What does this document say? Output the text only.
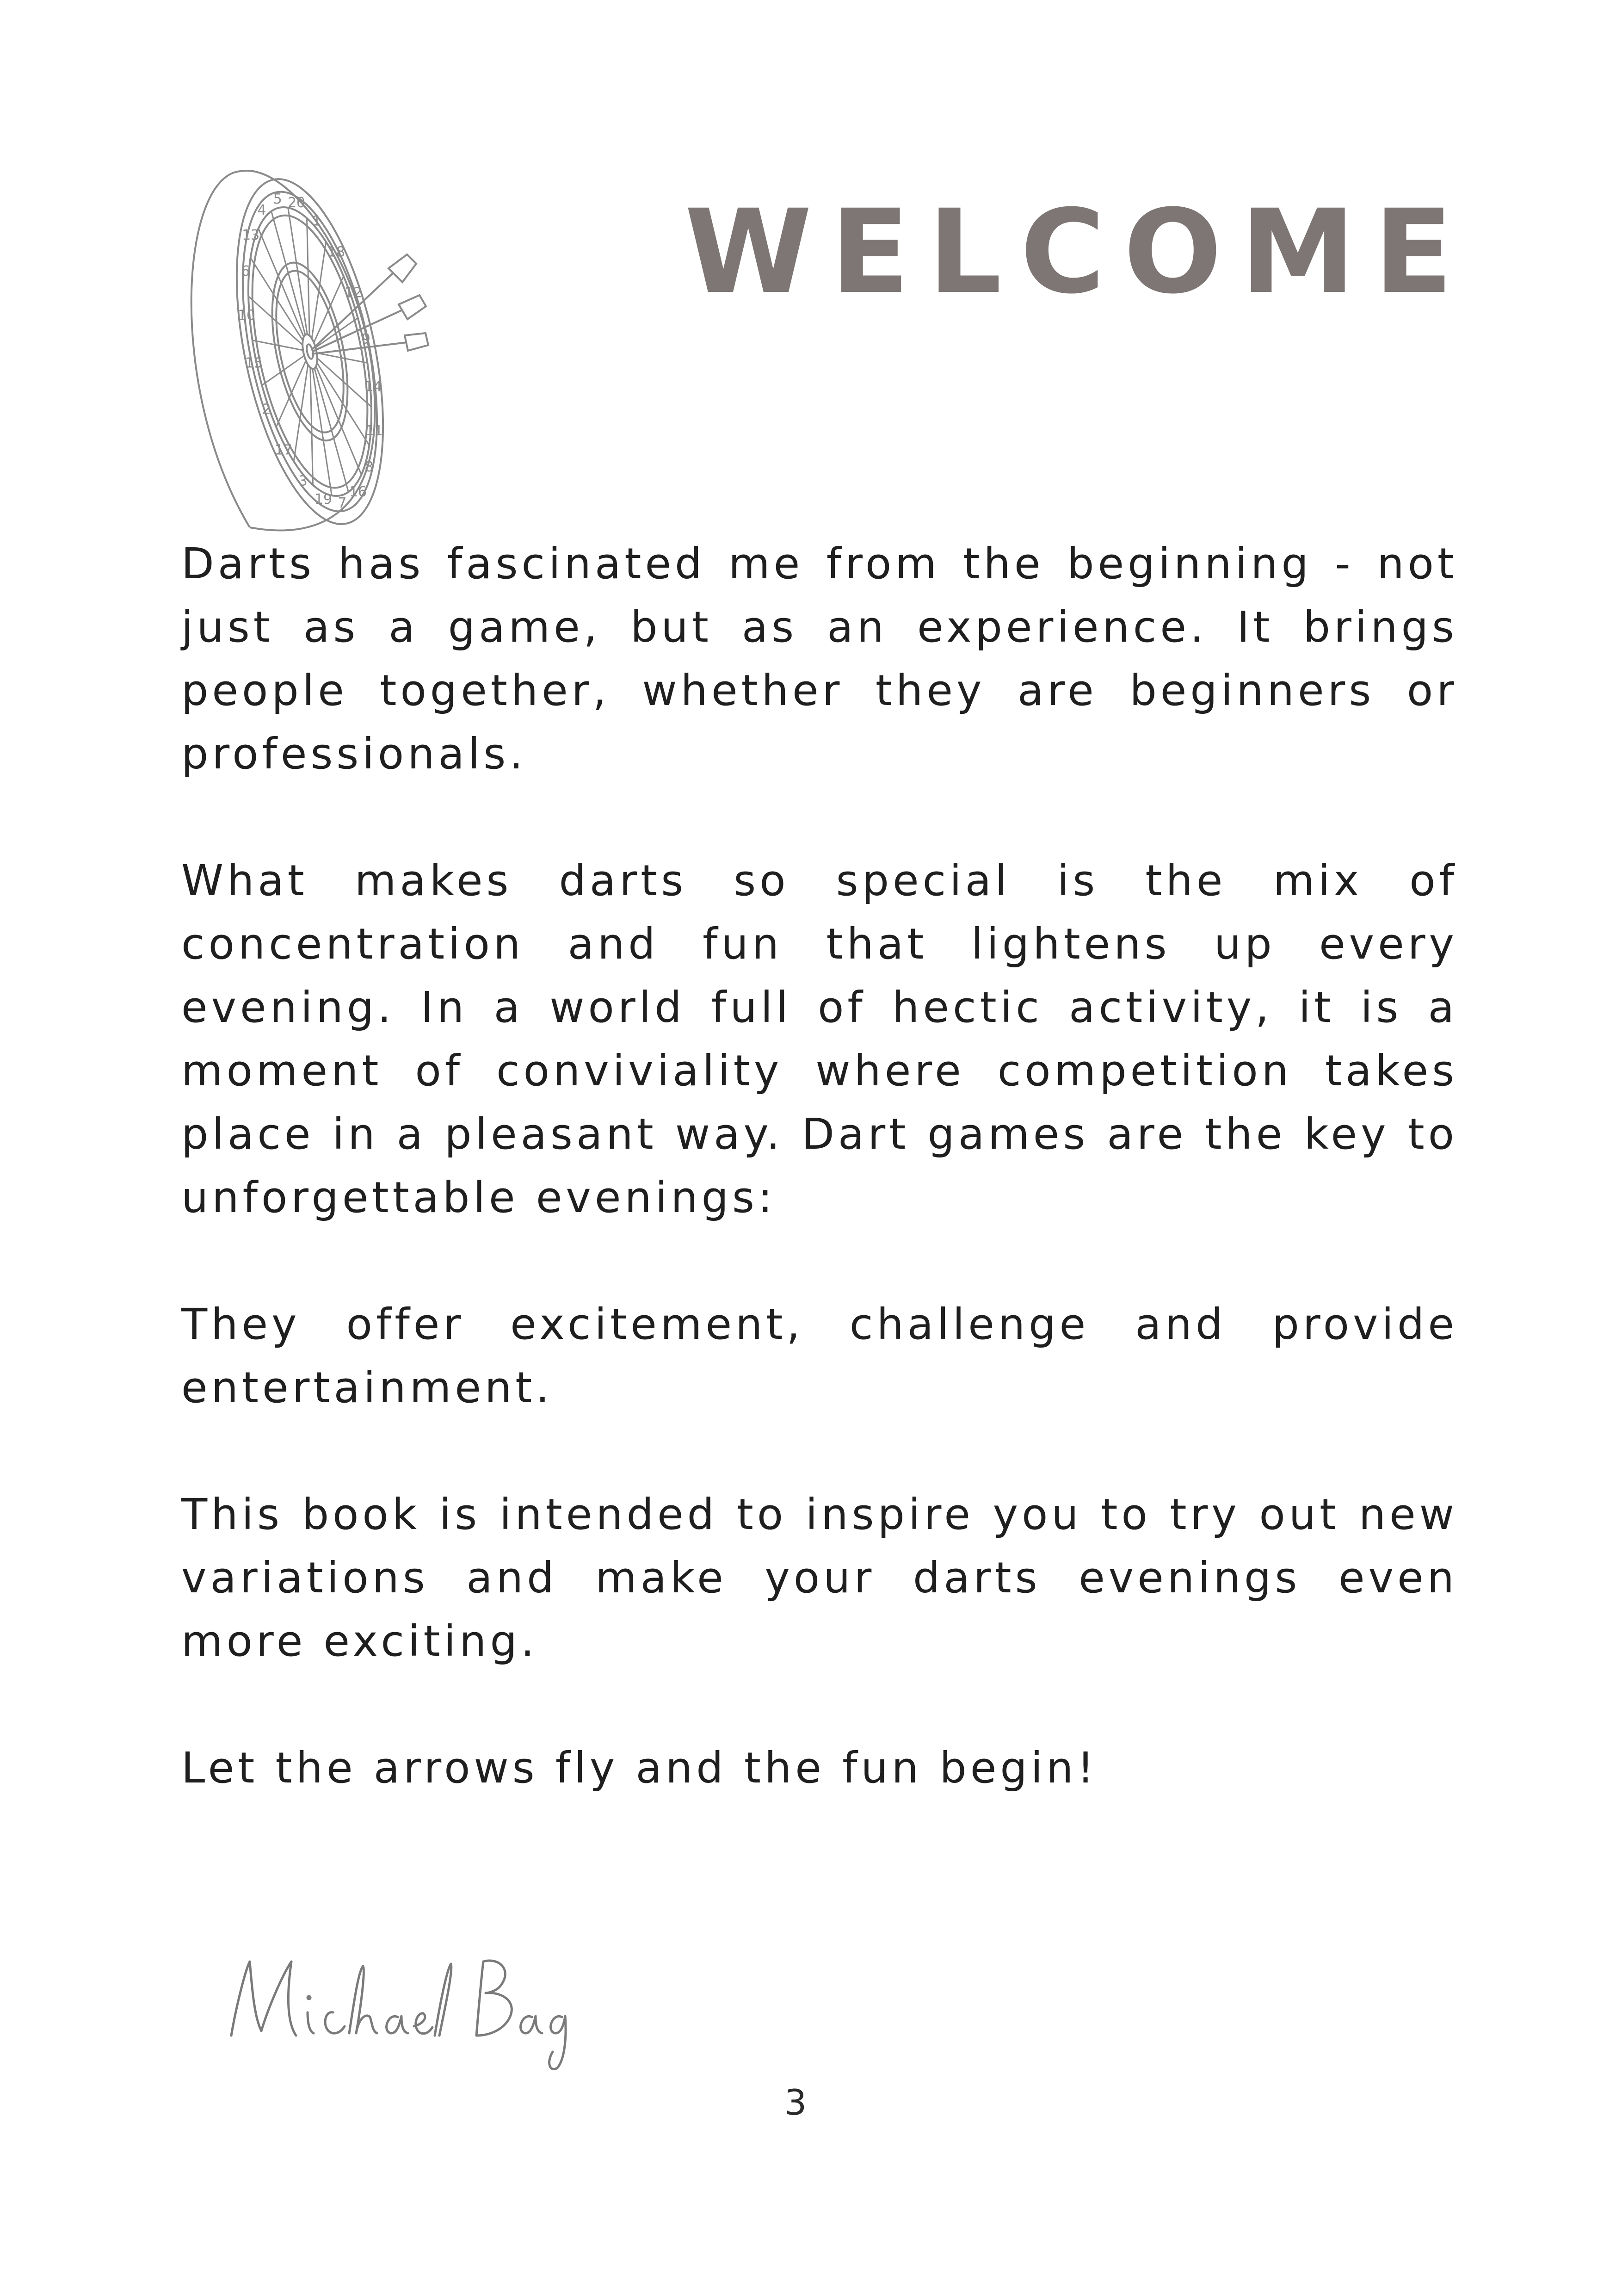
5 20
1
18
12
9
14
11
8
16
7
19
3
17
2
15
10
6
13
4	WELCOME

Darts has fascinated me from the beginning - not just as a game, but as an experience. It brings people together, whether they are beginners or professionals.

What makes darts so special is the mix of concentration and fun that lightens up every evening. In a world full of hectic activity, it is a moment of conviviality where competition takes place in a pleasant way. Dart games are the key to unforgettable evenings:

They offer excitement, challenge and provide entertainment.

This book is intended to inspire you to try out new variations and make your darts evenings even more exciting.

Let the arrows fly and the fun begin!

3
